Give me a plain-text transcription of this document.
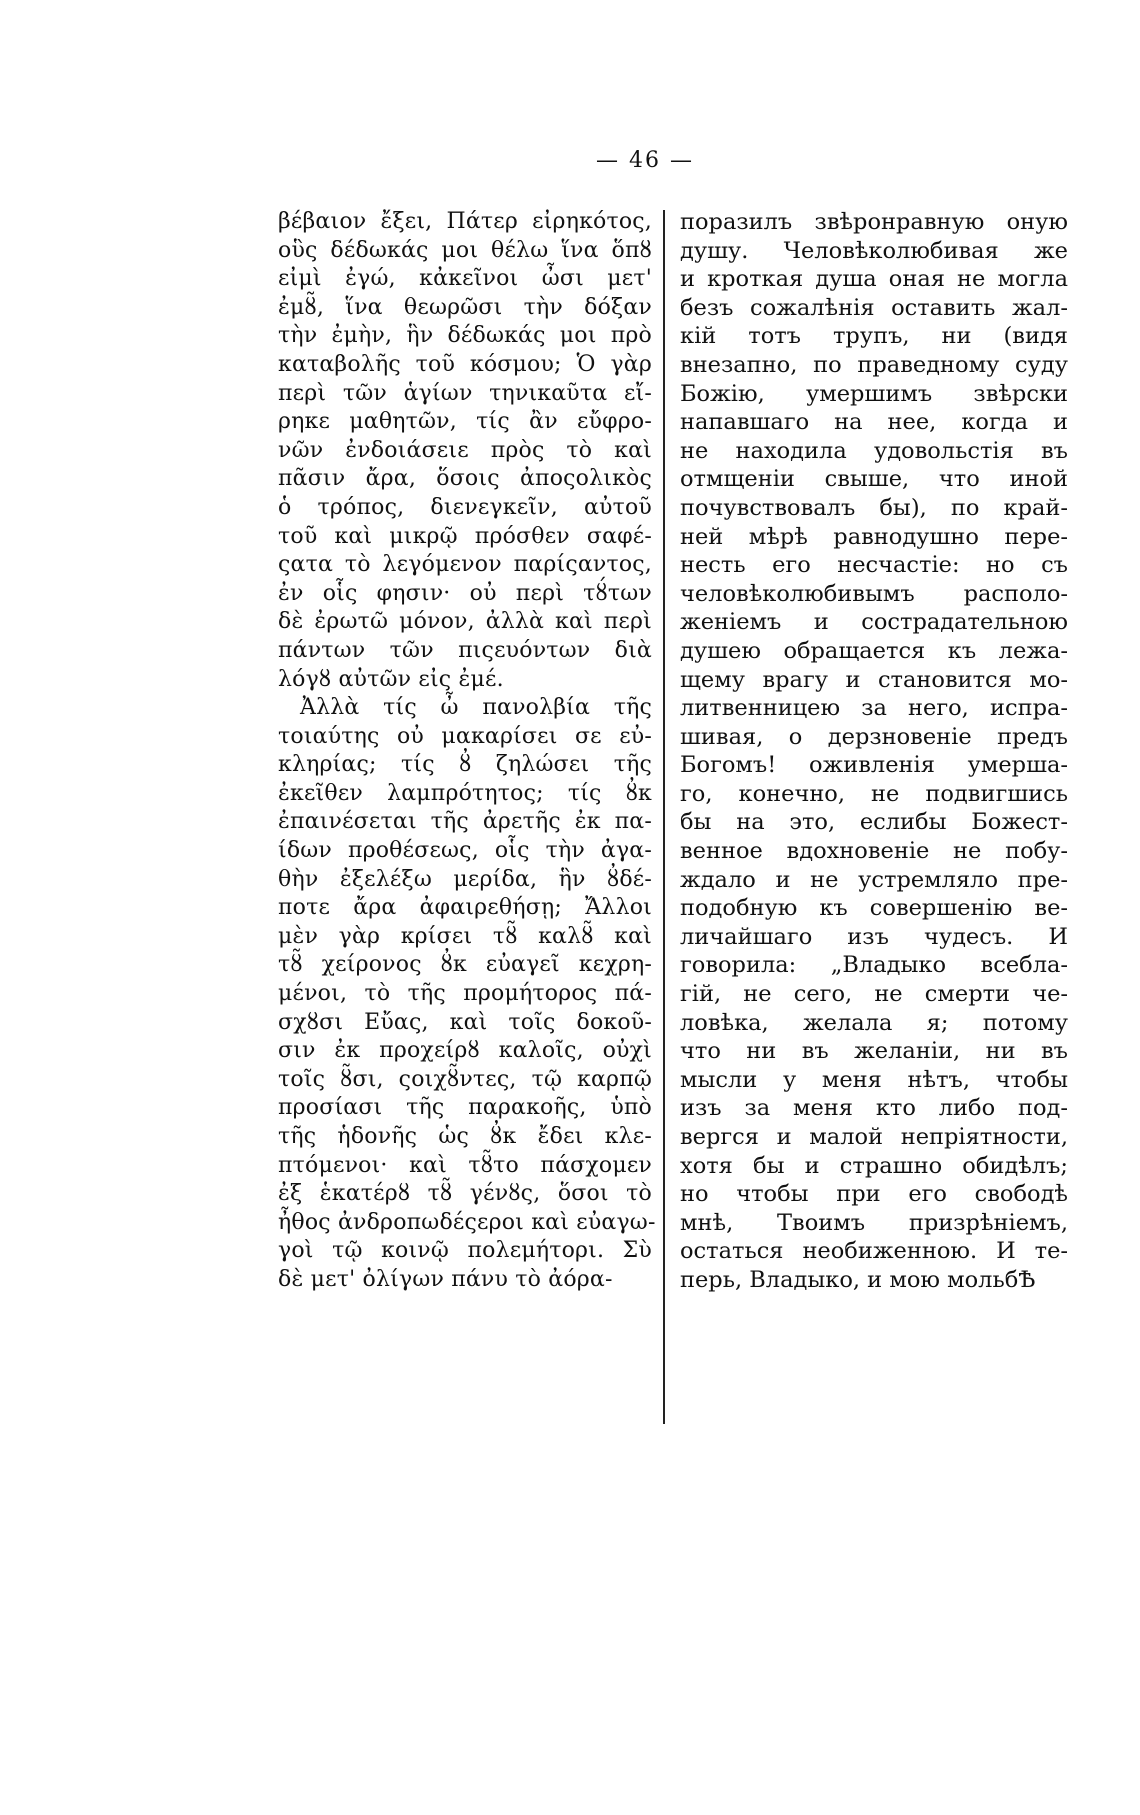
— 46 —
βέβαιον ἔξει, Πάτερ εἰρηκότος,
οὓς δέδωκάς μοι θέλω ἵνα ὅπȣ
εἰμὶ ἐγώ, κἀκεῖνοι ὦσι μετ'
ἐμȣ̃, ἵνα θεωρῶσι τὴν δόξαν
τὴν ἐμὴν, ἣν δέδωκάς μοι πρὸ
καταβολῆς τοῦ κόσμου; Ὁ γὰρ
περὶ τῶν ἁγίων τηνικαῦτα εἴ-
ρηκε μαθητῶν, τίς ἂν εὔφρο-
νῶν ἐνδοιάσειε πρὸς τὸ καὶ
πᾶσιν ἄρα, ὅσοις ἀποςολικὸς
ὁ τρόπος, διενεγκεῖν, αὐτοῦ
τοῦ καὶ μικρῷ πρόσθεν σαφέ-
ςατα τὸ λεγόμενον παρίςαντος,
ἐν οἷς φησιν· οὐ περὶ τȣ́των
δὲ ἐρωτῶ μόνον, ἀλλὰ καὶ περὶ
πάντων τῶν πιςευόντων διὰ
λόγȣ αὐτῶν εἰς ἐμέ.
Ἀλλὰ τίς ὦ πανολβία τῆς
τοιαύτης οὐ μακαρίσει σε εὐ-
κληρίας; τίς ȣ̓ ζηλώσει τῆς
ἐκεῖθεν λαμπρότητος; τίς ȣ̓κ
ἐπαινέσεται τῆς ἀρετῆς ἐκ πα-
ίδων προθέσεως, οἷς τὴν ἀγα-
θὴν ἐξελέξω μερίδα, ἣν ȣ̓δέ-
ποτε ἄρα ἀφαιρεθήσῃ; Ἄλλοι
μὲν γὰρ κρίσει τȣ̃ καλȣ̃ καὶ
τȣ̃ χείρονος ȣ̓κ εὐαγεῖ κεχρη-
μένοι, τὸ τῆς προμήτορος πά-
σχȣσι Εὔας, καὶ τοῖς δοκοῦ-
σιν ἐκ προχείρȣ καλοῖς, οὐχὶ
τοῖς ȣ̃σι, ςοιχȣ̃ντες, τῷ καρπῷ
προσίασι τῆς παρακοῆς, ὑπὸ
τῆς ἡδονῆς ὡς ȣ̓κ ἔδει κλε-
πτόμενοι· καὶ τȣ̃το πάσχομεν
ἐξ ἑκατέρȣ τȣ̃ γένȣς, ὅσοι τὸ
ἦθος ἀνδροπωδέςεροι καὶ εὐαγω-
γοὶ τῷ κοινῷ πολεμήτορι. Σὺ
δὲ μετ' ὀλίγων πάνυ τὸ ἀόρα-
поразилъ звѣронравную оную
душу. Человѣколюбивая же
и кроткая душа оная не могла
безъ сожалѣнія оставить жал-
кій тотъ трупъ, ни (видя
внезапно, по праведному суду
Божію, умершимъ звѣрски
напавшаго на нее, когда и
не находила удовольстія въ
отмщеніи свыше, что иной
почувствовалъ бы), по край-
ней мѣрѣ равнодушно пере-
несть его несчастіе: но съ
человѣколюбивымъ располо-
женіемъ и сострадательною
душею обращается къ лежа-
щему врагу и становится мо-
литвенницею за него, испра-
шивая, о дерзновеніе предъ
Богомъ! оживленія умерша-
го, конечно, не подвигшись
бы на это, еслибы Божест-
венное вдохновеніе не побу-
ждало и не устремляло пре-
подобную къ совершенію ве-
личайшаго изъ чудесъ. И
говорила: „Владыко всебла-
гій, не сего, не смерти че-
ловѣка, желала я; потому
что ни въ желаніи, ни въ
мысли у меня нѣтъ, чтобы
изъ за меня кто либо под-
вергся и малой непріятности,
хотя бы и страшно обидѣлъ;
но чтобы при его свободѣ
мнѣ, Твоимъ призрѣніемъ,
остаться необиженною. И те-
перь, Владыко, и мою мольбѢ
